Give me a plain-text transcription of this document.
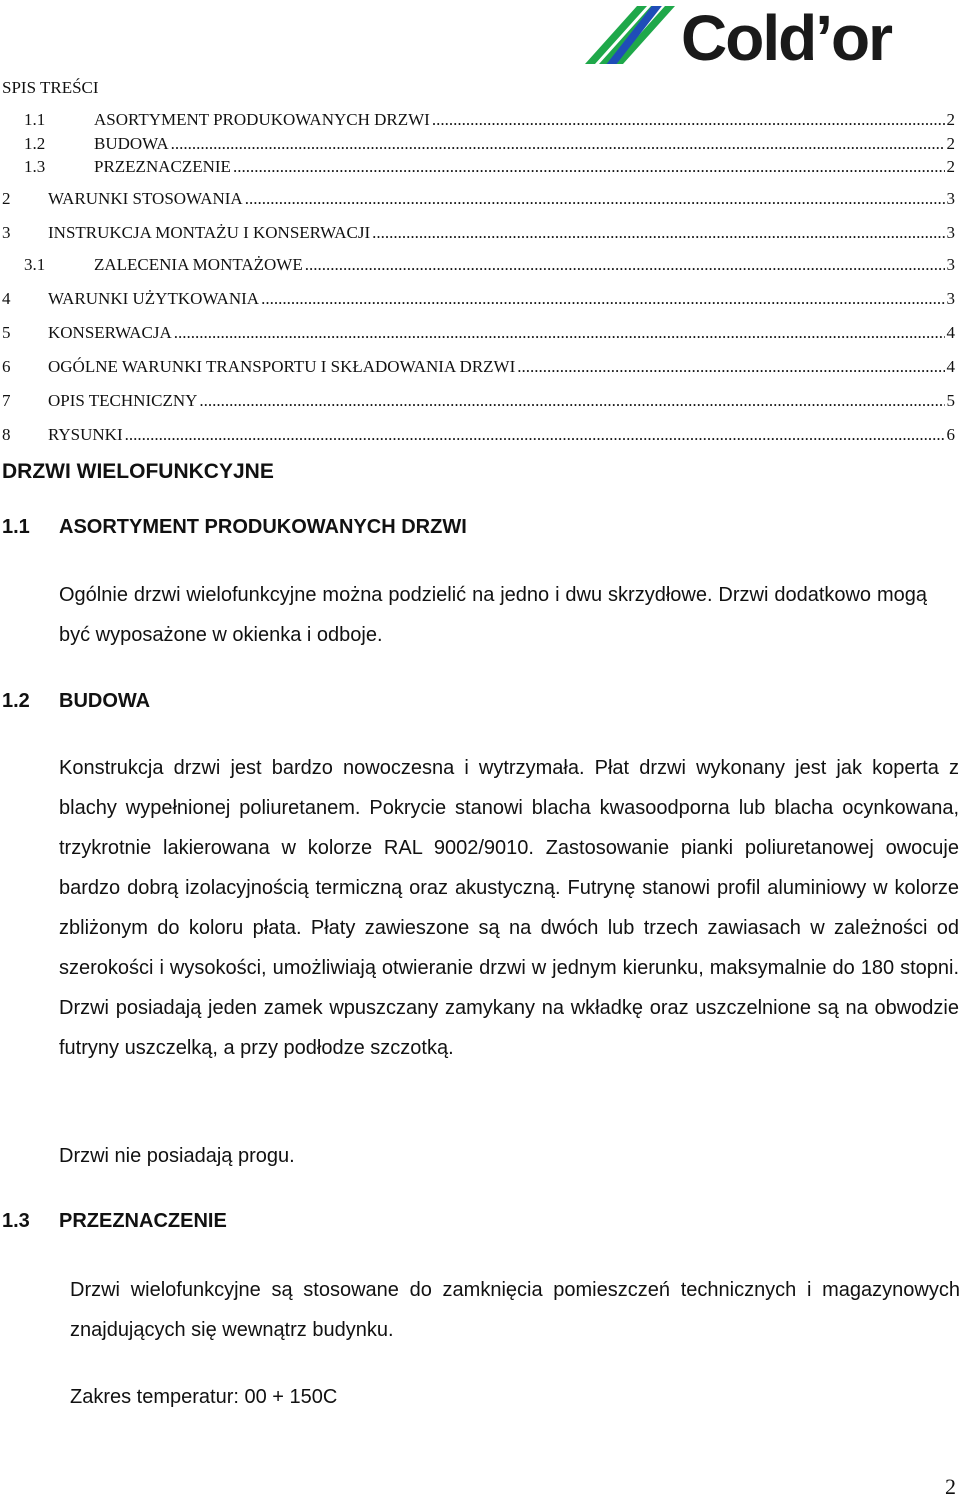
Cold’or
SPIS TREŚCI
1.1	ASORTYMENT PRODUKOWANYCH DRZWI .....	2
1.2	BUDOWA .....	2
1.3	PRZEZNACZENIE .....	2
2	WARUNKI STOSOWANIA .....	3
3	INSTRUKCJA MONTAŻU I KONSERWACJI .....	3
3.1	ZALECENIA MONTAŻOWE .....	3
4	WARUNKI UŻYTKOWANIA .....	3
5	KONSERWACJA .....	4
6	OGÓLNE WARUNKI TRANSPORTU I SKŁADOWANIA DRZWI .....	4
7	OPIS TECHNICZNY .....	5
8	RYSUNKI .....	6
DRZWI WIELOFUNKCYJNE
1.1	ASORTYMENT PRODUKOWANYCH DRZWI

Ogólnie drzwi wielofunkcyjne można podzielić na jedno i dwu skrzydłowe. Drzwi dodatkowo mogą być wyposażone w okienka i odboje.

1.2	BUDOWA

Konstrukcja drzwi jest bardzo nowoczesna i wytrzymała. Płat drzwi wykonany jest jak koperta z blachy wypełnionej poliuretanem. Pokrycie stanowi blacha kwasoodporna lub blacha ocynkowana, trzykrotnie lakierowana w kolorze RAL 9002/9010. Zastosowanie pianki poliuretanowej owocuje bardzo dobrą izolacyjnością termiczną oraz akustyczną. Futrynę stanowi profil aluminiowy w kolorze zbliżonym do koloru płata. Płaty zawieszone są na dwóch lub trzech zawiasach w zależności od szerokości i wysokości, umożliwiają otwieranie drzwi w jednym kierunku, maksymalnie do 180 stopni. Drzwi posiadają jeden zamek wpuszczany zamykany na wkładkę oraz uszczelnione są na obwodzie futryny uszczelką, a przy podłodze szczotką.

Drzwi nie posiadają progu.

1.3	PRZEZNACZENIE

Drzwi wielofunkcyjne są stosowane do zamknięcia pomieszczeń technicznych i magazynowych znajdujących się wewnątrz budynku.

Zakres temperatur: 00 + 150C

2
